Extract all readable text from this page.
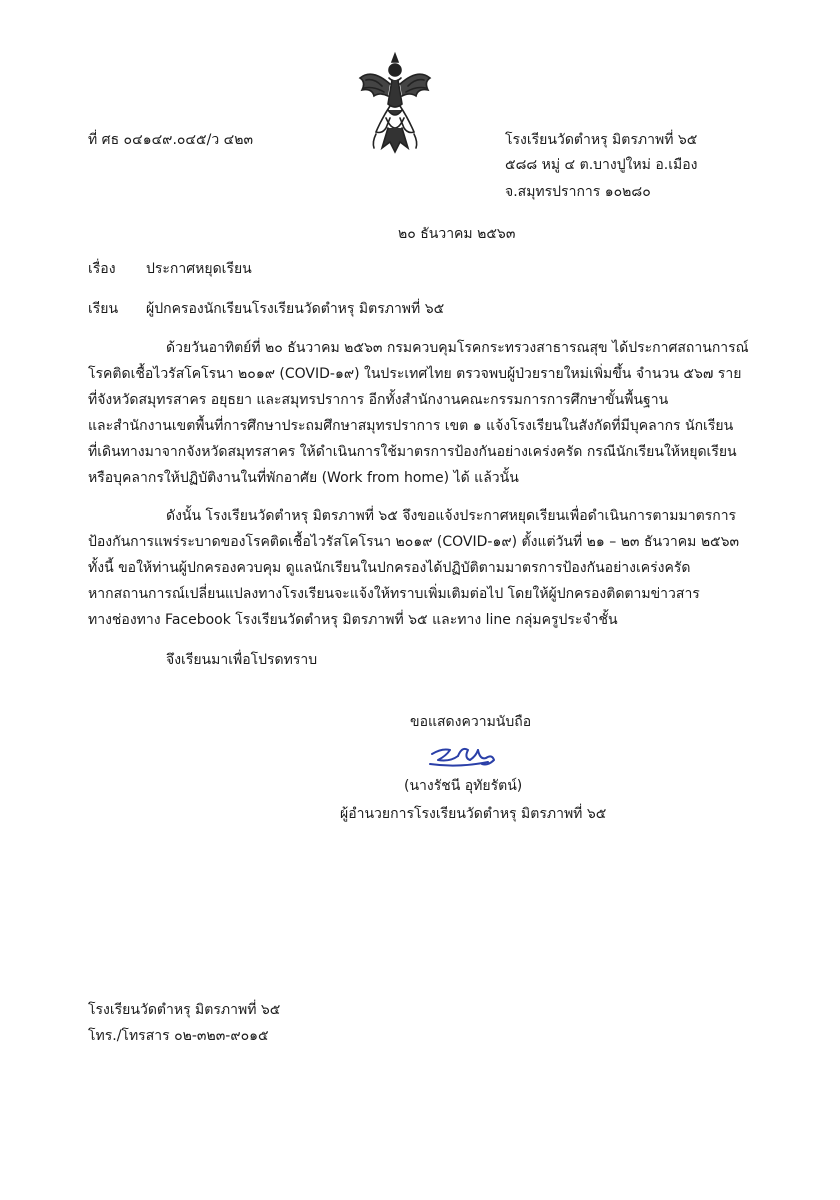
ที่ ศธ ๐๔๑๔๙.๐๔๕/ว ๔๒๓	โรงเรียนวัดตำหรุ มิตรภาพที่ ๖๕
๕๘๘ หมู่ ๔ ต.บางปูใหม่ อ.เมือง
จ.สมุทรปราการ ๑๐๒๘๐
๒๐ ธันวาคม ๒๕๖๓
เรื่อง ประกาศหยุดเรียน
เรียน ผู้ปกครองนักเรียนโรงเรียนวัดตำหรุ มิตรภาพที่ ๖๕
ด้วยวันอาทิตย์ที่ ๒๐ ธันวาคม ๒๕๖๓ กรมควบคุมโรคกระทรวงสาธารณสุข ได้ประกาศสถานการณ์
โรคติดเชื้อไวรัสโคโรนา ๒๐๑๙ (COVID-๑๙) ในประเทศไทย ตรวจพบผู้ป่วยรายใหม่เพิ่มขึ้น จำนวน ๕๖๗ ราย
ที่จังหวัดสมุทรสาคร อยุธยา และสมุทรปราการ อีกทั้งสำนักงานคณะกรรมการการศึกษาขั้นพื้นฐาน
และสำนักงานเขตพื้นที่การศึกษาประถมศึกษาสมุทรปราการ เขต ๑ แจ้งโรงเรียนในสังกัดที่มีบุคลากร นักเรียน
ที่เดินทางมาจากจังหวัดสมุทรสาคร ให้ดำเนินการใช้มาตรการป้องกันอย่างเคร่งครัด กรณีนักเรียนให้หยุดเรียน
หรือบุคลากรให้ปฏิบัติงานในที่พักอาศัย (Work from home) ได้ แล้วนั้น
ดังนั้น โรงเรียนวัดตำหรุ มิตรภาพที่ ๖๕ จึงขอแจ้งประกาศหยุดเรียนเพื่อดำเนินการตามมาตรการ
ป้องกันการแพร่ระบาดของโรคติดเชื้อไวรัสโคโรนา ๒๐๑๙ (COVID-๑๙) ตั้งแต่วันที่ ๒๑ – ๒๓ ธันวาคม ๒๕๖๓
ทั้งนี้ ขอให้ท่านผู้ปกครองควบคุม ดูแลนักเรียนในปกครองได้ปฏิบัติตามมาตรการป้องกันอย่างเคร่งครัด
หากสถานการณ์เปลี่ยนแปลงทางโรงเรียนจะแจ้งให้ทราบเพิ่มเติมต่อไป โดยให้ผู้ปกครองติดตามข่าวสาร
ทางช่องทาง Facebook โรงเรียนวัดตำหรุ มิตรภาพที่ ๖๕ และทาง line กลุ่มครูประจำชั้น
จึงเรียนมาเพื่อโปรดทราบ
ขอแสดงความนับถือ
(นางรัชนี อุทัยรัตน์)
ผู้อำนวยการโรงเรียนวัดตำหรุ มิตรภาพที่ ๖๕
โรงเรียนวัดตำหรุ มิตรภาพที่ ๖๕
โทร./โทรสาร ๐๒-๓๒๓-๙๐๑๕
